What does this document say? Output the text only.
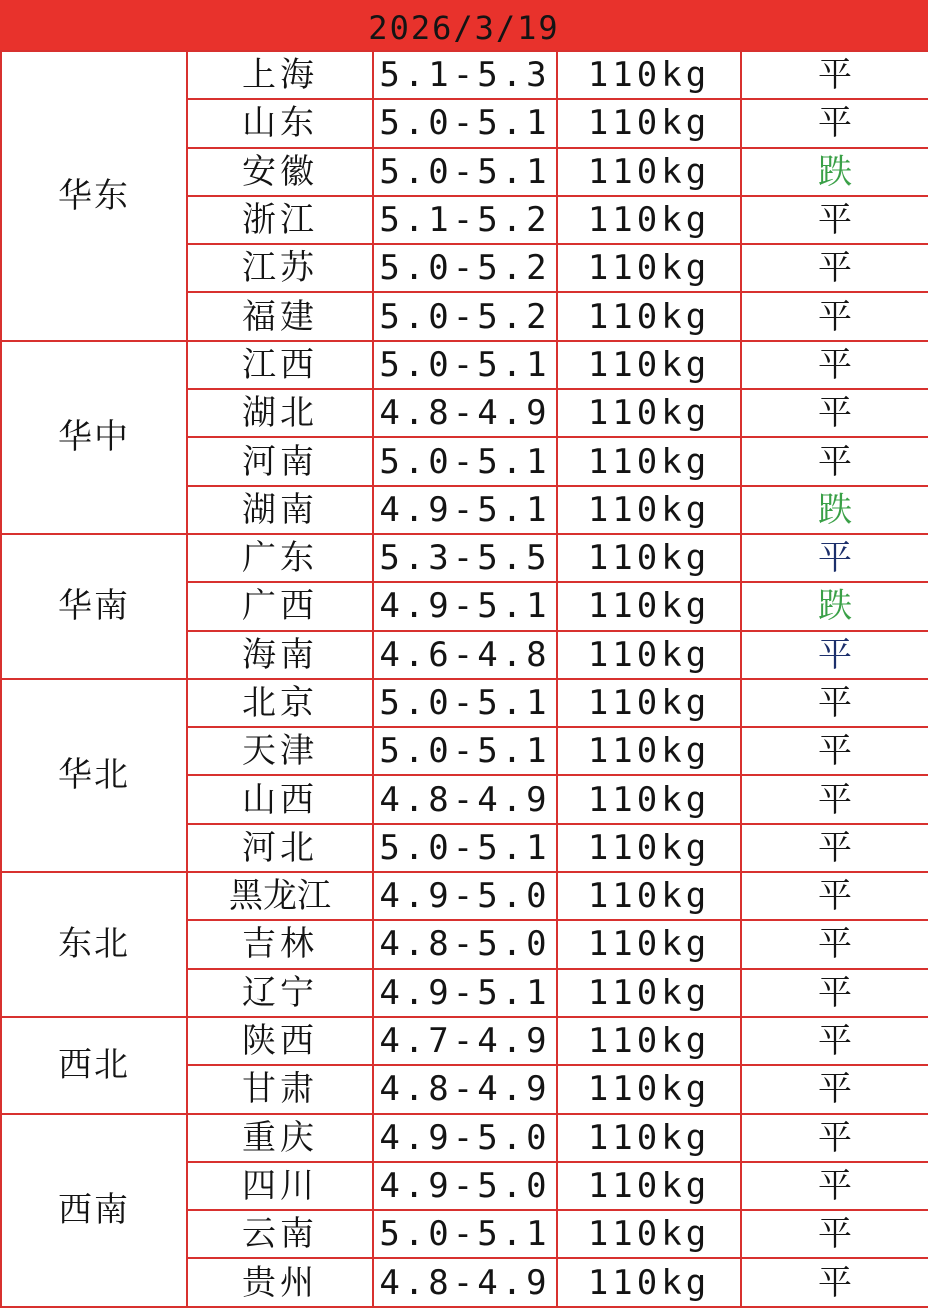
2026/3/19
华东	上海	5.1-5.3	110kg	平
	山东	5.0-5.1	110kg	平
	安徽	5.0-5.1	110kg	跌
	浙江	5.1-5.2	110kg	平
	江苏	5.0-5.2	110kg	平
	福建	5.0-5.2	110kg	平
华中	江西	5.0-5.1	110kg	平
	湖北	4.8-4.9	110kg	平
	河南	5.0-5.1	110kg	平
	湖南	4.9-5.1	110kg	跌
华南	广东	5.3-5.5	110kg	平
	广西	4.9-5.1	110kg	跌
	海南	4.6-4.8	110kg	平
华北	北京	5.0-5.1	110kg	平
	天津	5.0-5.1	110kg	平
	山西	4.8-4.9	110kg	平
	河北	5.0-5.1	110kg	平
东北	黑龙江	4.9-5.0	110kg	平
	吉林	4.8-5.0	110kg	平
	辽宁	4.9-5.1	110kg	平
西北	陕西	4.7-4.9	110kg	平
	甘肃	4.8-4.9	110kg	平
西南	重庆	4.9-5.0	110kg	平
	四川	4.9-5.0	110kg	平
	云南	5.0-5.1	110kg	平
	贵州	4.8-4.9	110kg	平
